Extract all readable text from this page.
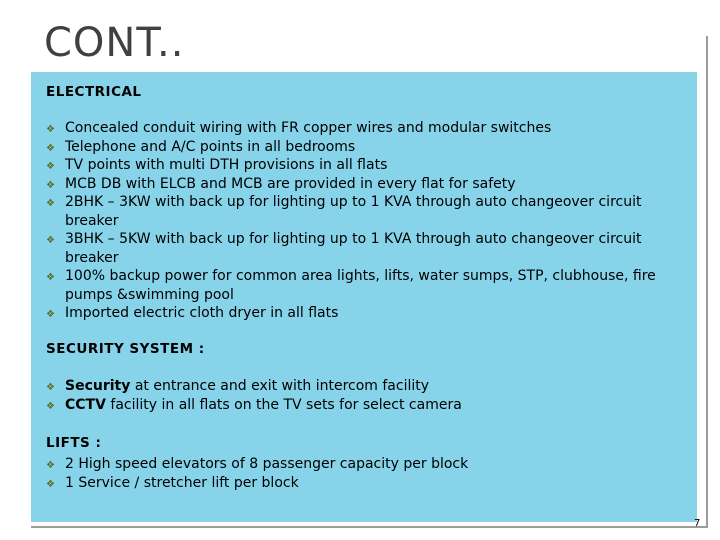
CONT..
ELECTRICAL
❖ Concealed conduit wiring with FR copper wires and modular switches
❖ Telephone and A/C points in all bedrooms
❖ TV points with multi DTH provisions in all flats
❖ MCB DB with ELCB and MCB are provided in every flat for safety
❖ 2BHK – 3KW with back up for lighting up to 1 KVA through auto changeover circuit breaker
❖ 3BHK – 5KW with back up for lighting up to 1 KVA through auto changeover circuit breaker
❖ 100% backup power for common area lights, lifts, water sumps, STP, clubhouse, fire pumps &swimming pool
❖ Imported electric cloth dryer in all flats
SECURITY SYSTEM :
❖ Security at entrance and exit with intercom facility
❖ CCTV facility in all flats on the TV sets for select camera
LIFTS :
❖ 2 High speed elevators of 8 passenger capacity per block
❖ 1 Service / stretcher lift per block
7
